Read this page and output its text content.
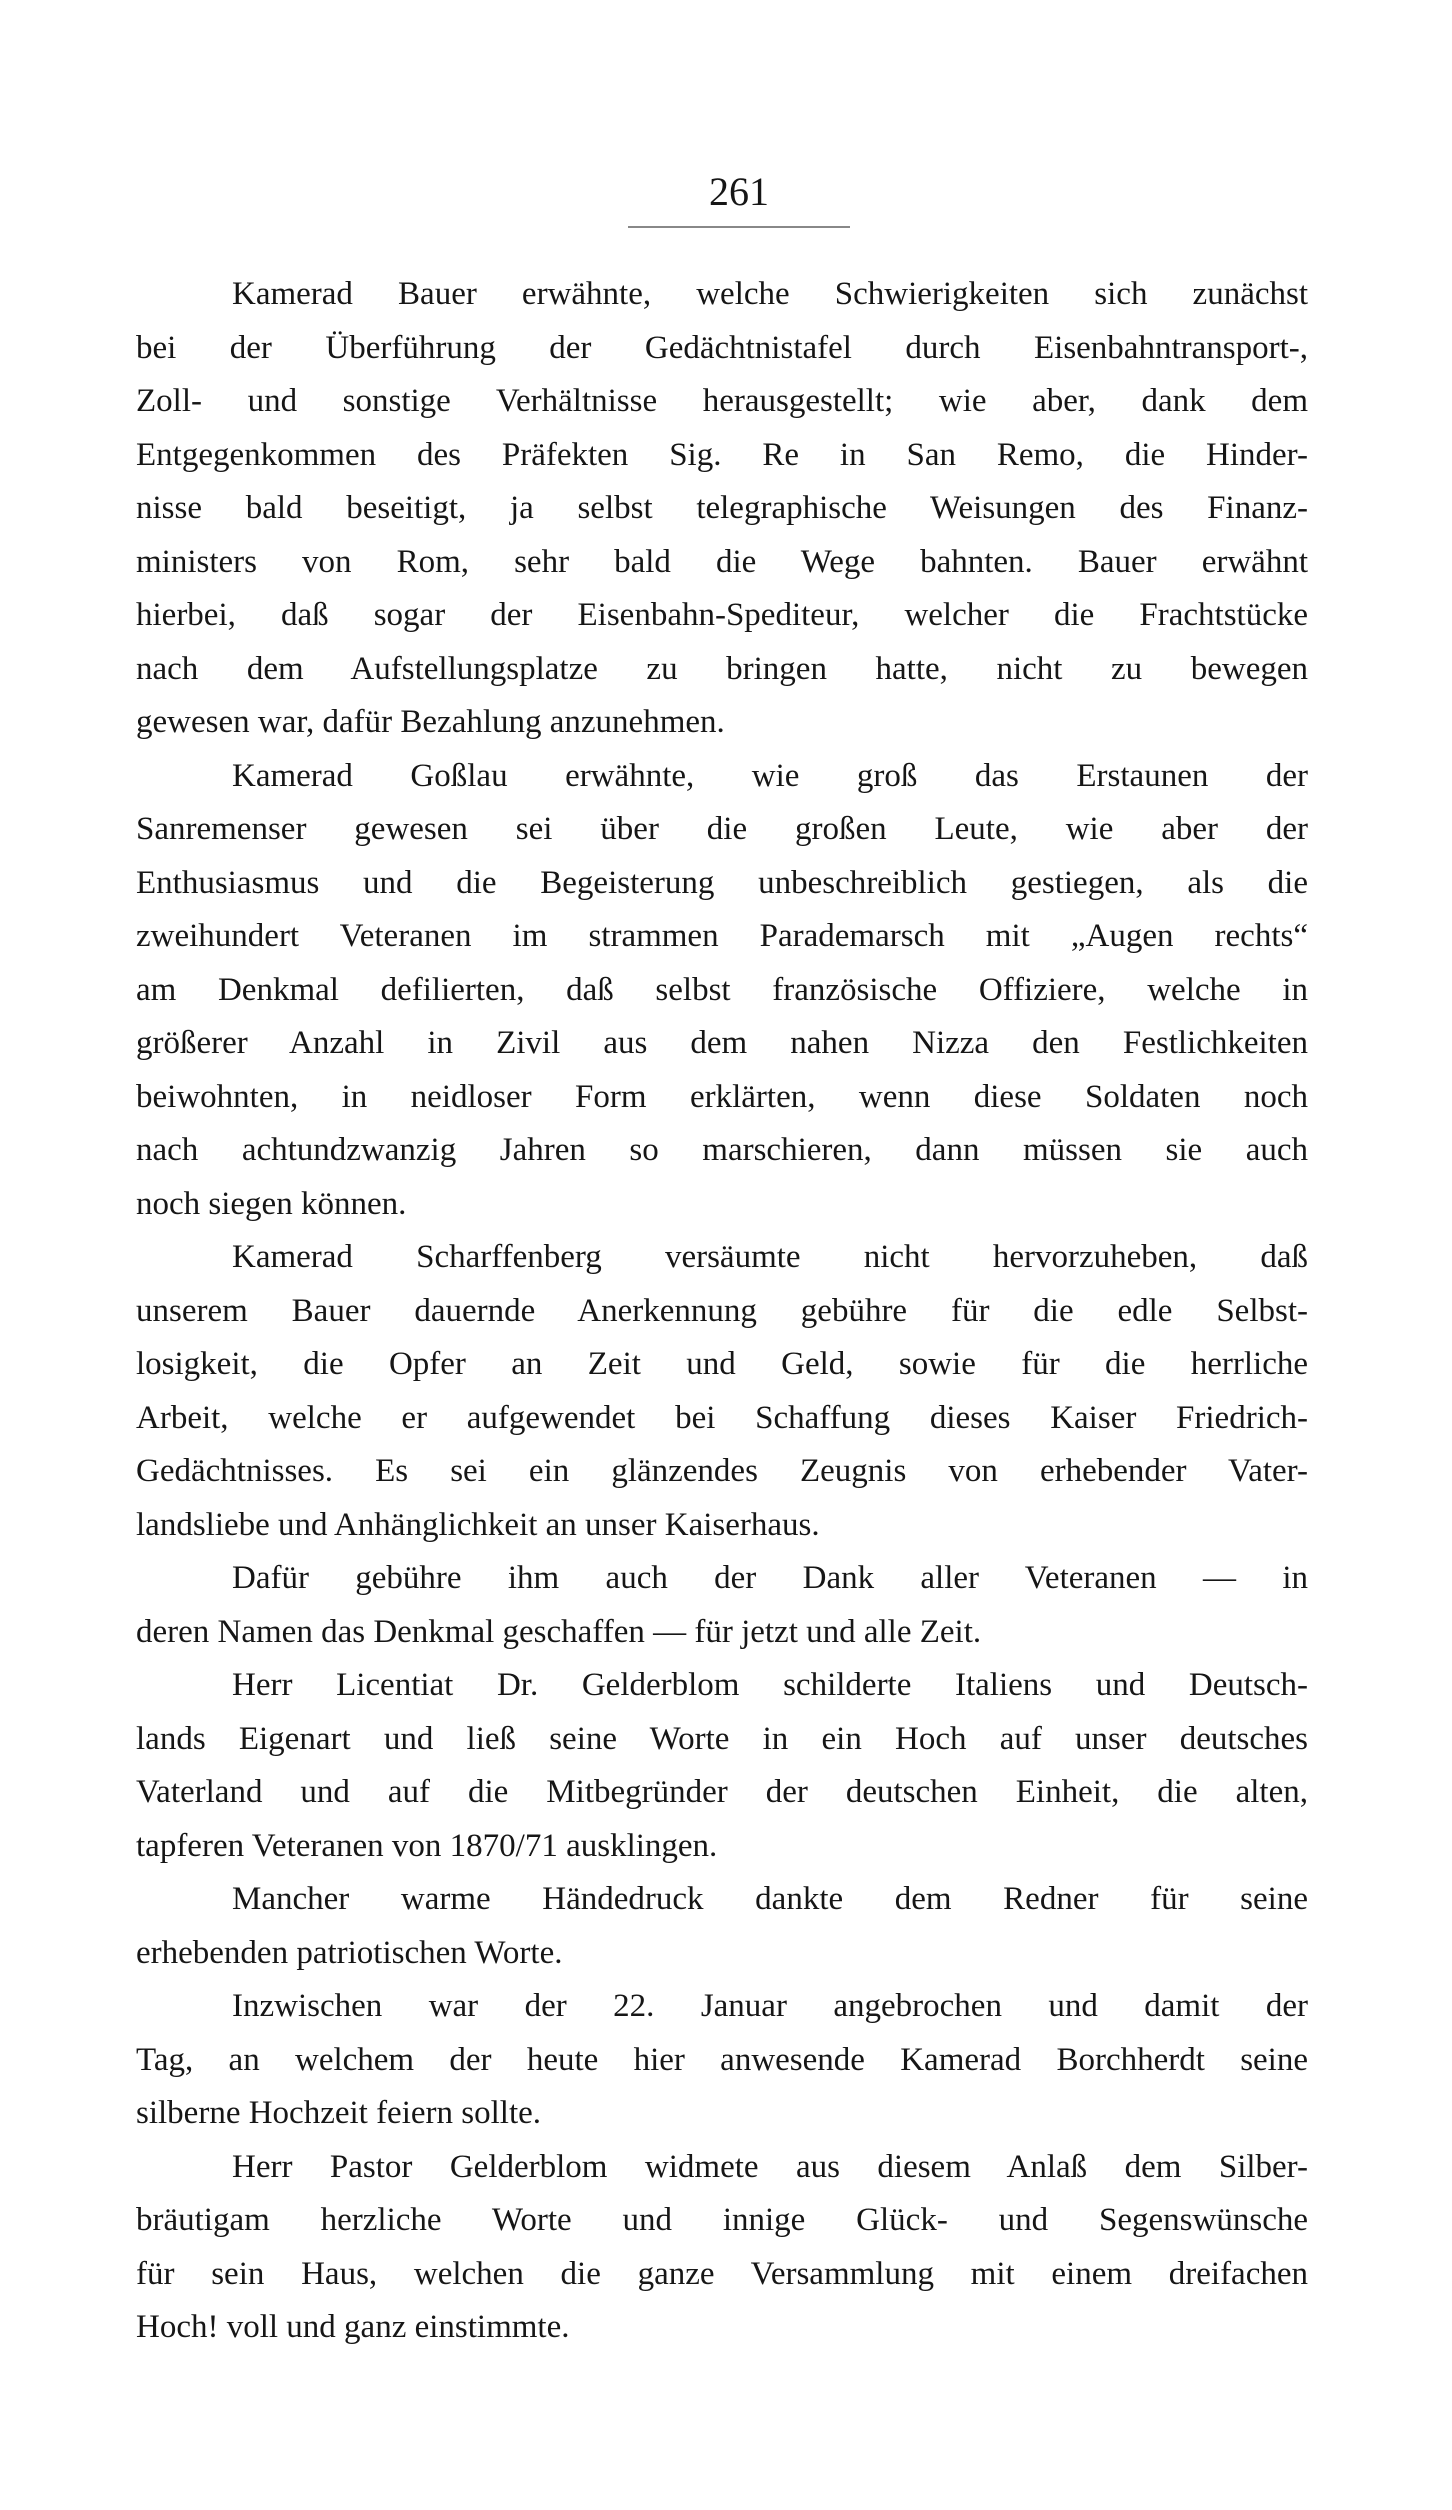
261
Kamerad Bauer erwähnte, welche Schwierigkeiten sich zunächst
bei der Überführung der Gedächtnistafel durch Eisenbahntransport-,
Zoll- und sonstige Verhältnisse herausgestellt; wie aber, dank dem
Entgegenkommen des Präfekten Sig. Re in San Remo, die Hinder-
nisse bald beseitigt, ja selbst telegraphische Weisungen des Finanz-
ministers von Rom, sehr bald die Wege bahnten. Bauer erwähnt
hierbei, daß sogar der Eisenbahn-Spediteur, welcher die Frachtstücke
nach dem Aufstellungsplatze zu bringen hatte, nicht zu bewegen
gewesen war, dafür Bezahlung anzunehmen.
Kamerad Goßlau erwähnte, wie groß das Erstaunen der
Sanremenser gewesen sei über die großen Leute, wie aber der
Enthusiasmus und die Begeisterung unbeschreiblich gestiegen, als die
zweihundert Veteranen im strammen Parademarsch mit „Augen rechts“
am Denkmal defilierten, daß selbst französische Offiziere, welche in
größerer Anzahl in Zivil aus dem nahen Nizza den Festlichkeiten
beiwohnten, in neidloser Form erklärten, wenn diese Soldaten noch
nach achtundzwanzig Jahren so marschieren, dann müssen sie auch
noch siegen können.
Kamerad Scharffenberg versäumte nicht hervorzuheben, daß
unserem Bauer dauernde Anerkennung gebühre für die edle Selbst-
losigkeit, die Opfer an Zeit und Geld, sowie für die herrliche
Arbeit, welche er aufgewendet bei Schaffung dieses Kaiser Friedrich-
Gedächtnisses. Es sei ein glänzendes Zeugnis von erhebender Vater-
landsliebe und Anhänglichkeit an unser Kaiserhaus.
Dafür gebühre ihm auch der Dank aller Veteranen — in
deren Namen das Denkmal geschaffen — für jetzt und alle Zeit.
Herr Licentiat Dr. Gelderblom schilderte Italiens und Deutsch-
lands Eigenart und ließ seine Worte in ein Hoch auf unser deutsches
Vaterland und auf die Mitbegründer der deutschen Einheit, die alten,
tapferen Veteranen von 1870/71 ausklingen.
Mancher warme Händedruck dankte dem Redner für seine
erhebenden patriotischen Worte.
Inzwischen war der 22. Januar angebrochen und damit der
Tag, an welchem der heute hier anwesende Kamerad Borchherdt seine
silberne Hochzeit feiern sollte.
Herr Pastor Gelderblom widmete aus diesem Anlaß dem Silber-
bräutigam herzliche Worte und innige Glück- und Segenswünsche
für sein Haus, welchen die ganze Versammlung mit einem dreifachen
Hoch! voll und ganz einstimmte.
